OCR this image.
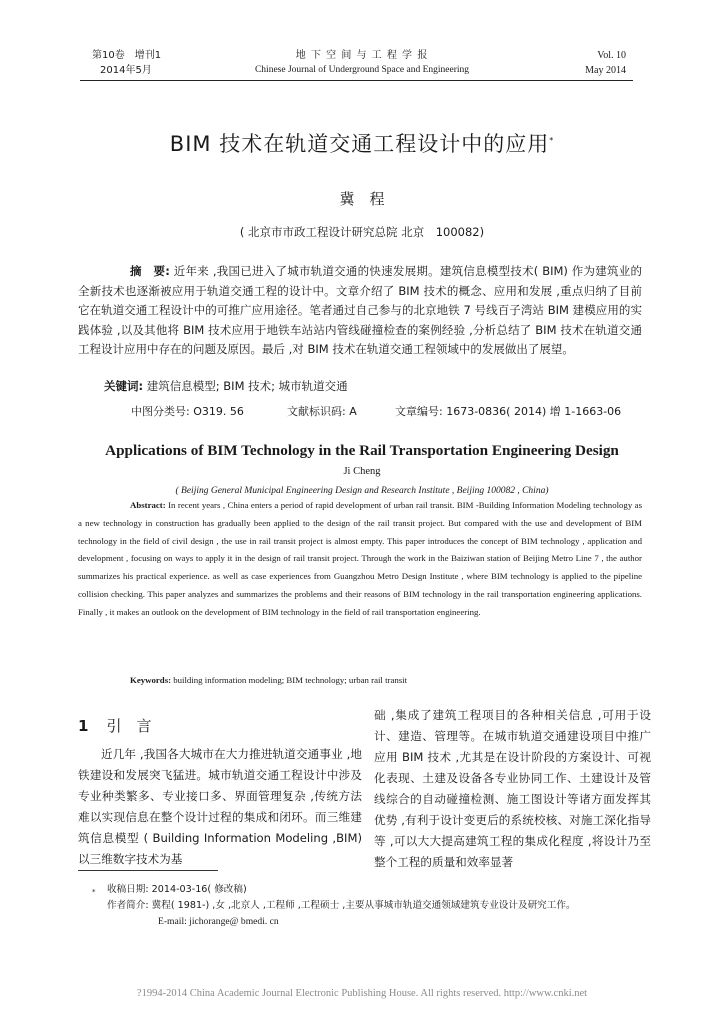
第10卷　增刊1
2014年5月
地 下 空 间 与 工 程 学 报
Chinese Journal of Underground Space and Engineering
Vol. 10
May 2014
BIM 技术在轨道交通工程设计中的应用*
冀　程
( 北京市市政工程设计研究总院 北京　100082)
摘　要: 近年来 ,我国已进入了城市轨道交通的快速发展期。建筑信息模型技术( BIM) 作为建筑业的全新技术也逐渐被应用于轨道交通工程的设计中。文章介绍了 BIM 技术的概念、应用和发展 ,重点归纳了目前它在轨道交通工程设计中的可推广应用途径。笔者通过自己参与的北京地铁 7 号线百子湾站 BIM 建模应用的实践体验 ,以及其他将 BIM 技术应用于地铁车站站内管线碰撞检查的案例经验 ,分析总结了 BIM 技术在轨道交通工程设计应用中存在的问题及原因。最后 ,对 BIM 技术在轨道交通工程领域中的发展做出了展望。
关键词: 建筑信息模型; BIM 技术; 城市轨道交通
中图分类号: O319. 56	文献标识码: A	文章编号: 1673-0836( 2014) 增 1-1663-06
Applications of BIM Technology in the Rail Transportation Engineering Design
Ji Cheng
( Beijing General Municipal Engineering Design and Research Institute , Beijing 100082 , China)
Abstract: In recent years , China enters a period of rapid development of urban rail transit. BIM -Building Information Modeling technology as a new technology in construction has gradually been applied to the design of the rail transit project. But compared with the use and development of BIM technology in the field of civil design , the use in rail transit project is almost empty. This paper introduces the concept of BIM technology , application and development , focusing on ways to apply it in the design of rail transit project. Through the work in the Baiziwan station of Beijing Metro Line 7 , the author summarizes his practical experience. as well as case experiences from Guangzhou Metro Design Institute , where BIM technology is applied to the pipeline collision checking. This paper analyzes and summarizes the problems and their reasons of BIM technology in the rail transportation engineering applications. Finally , it makes an outlook on the development of BIM technology in the field of rail transportation engineering.
Keywords: building information modeling; BIM technology; urban rail transit
1 引　言
近几年 ,我国各大城市在大力推进轨道交通事业 ,地铁建设和发展突飞猛进。城市轨道交通工程设计中涉及专业种类繁多、专业接口多、界面管理复杂 ,传统方法难以实现信息在整个设计过程的集成和闭环。而三维建筑信息模型 ( Building Information Modeling ,BIM) 以三维数字技术为基
础 ,集成了建筑工程项目的各种相关信息 ,可用于设计、建造、管理等。在城市轨道交通建设项目中推广应用 BIM 技术 ,尤其是在设计阶段的方案设计、可视化表现、土建及设备各专业协同工作、土建设计及管线综合的自动碰撞检测、施工图设计等诸方面发挥其优势 ,有利于设计变更后的系统校核、对施工深化指导等 ,可以大大提高建筑工程的集成化程度 ,将设计乃至整个工程的质量和效率显著
* 收稿日期: 2014-03-16( 修改稿)
作者简介: 冀程( 1981-) ,女 ,北京人 ,工程师 ,工程硕士 ,主要从事城市轨道交通领域建筑专业设计及研究工作。
E-mail: jichorange@ bmedi. cn
?1994-2014 China Academic Journal Electronic Publishing House. All rights reserved. http://www.cnki.net
